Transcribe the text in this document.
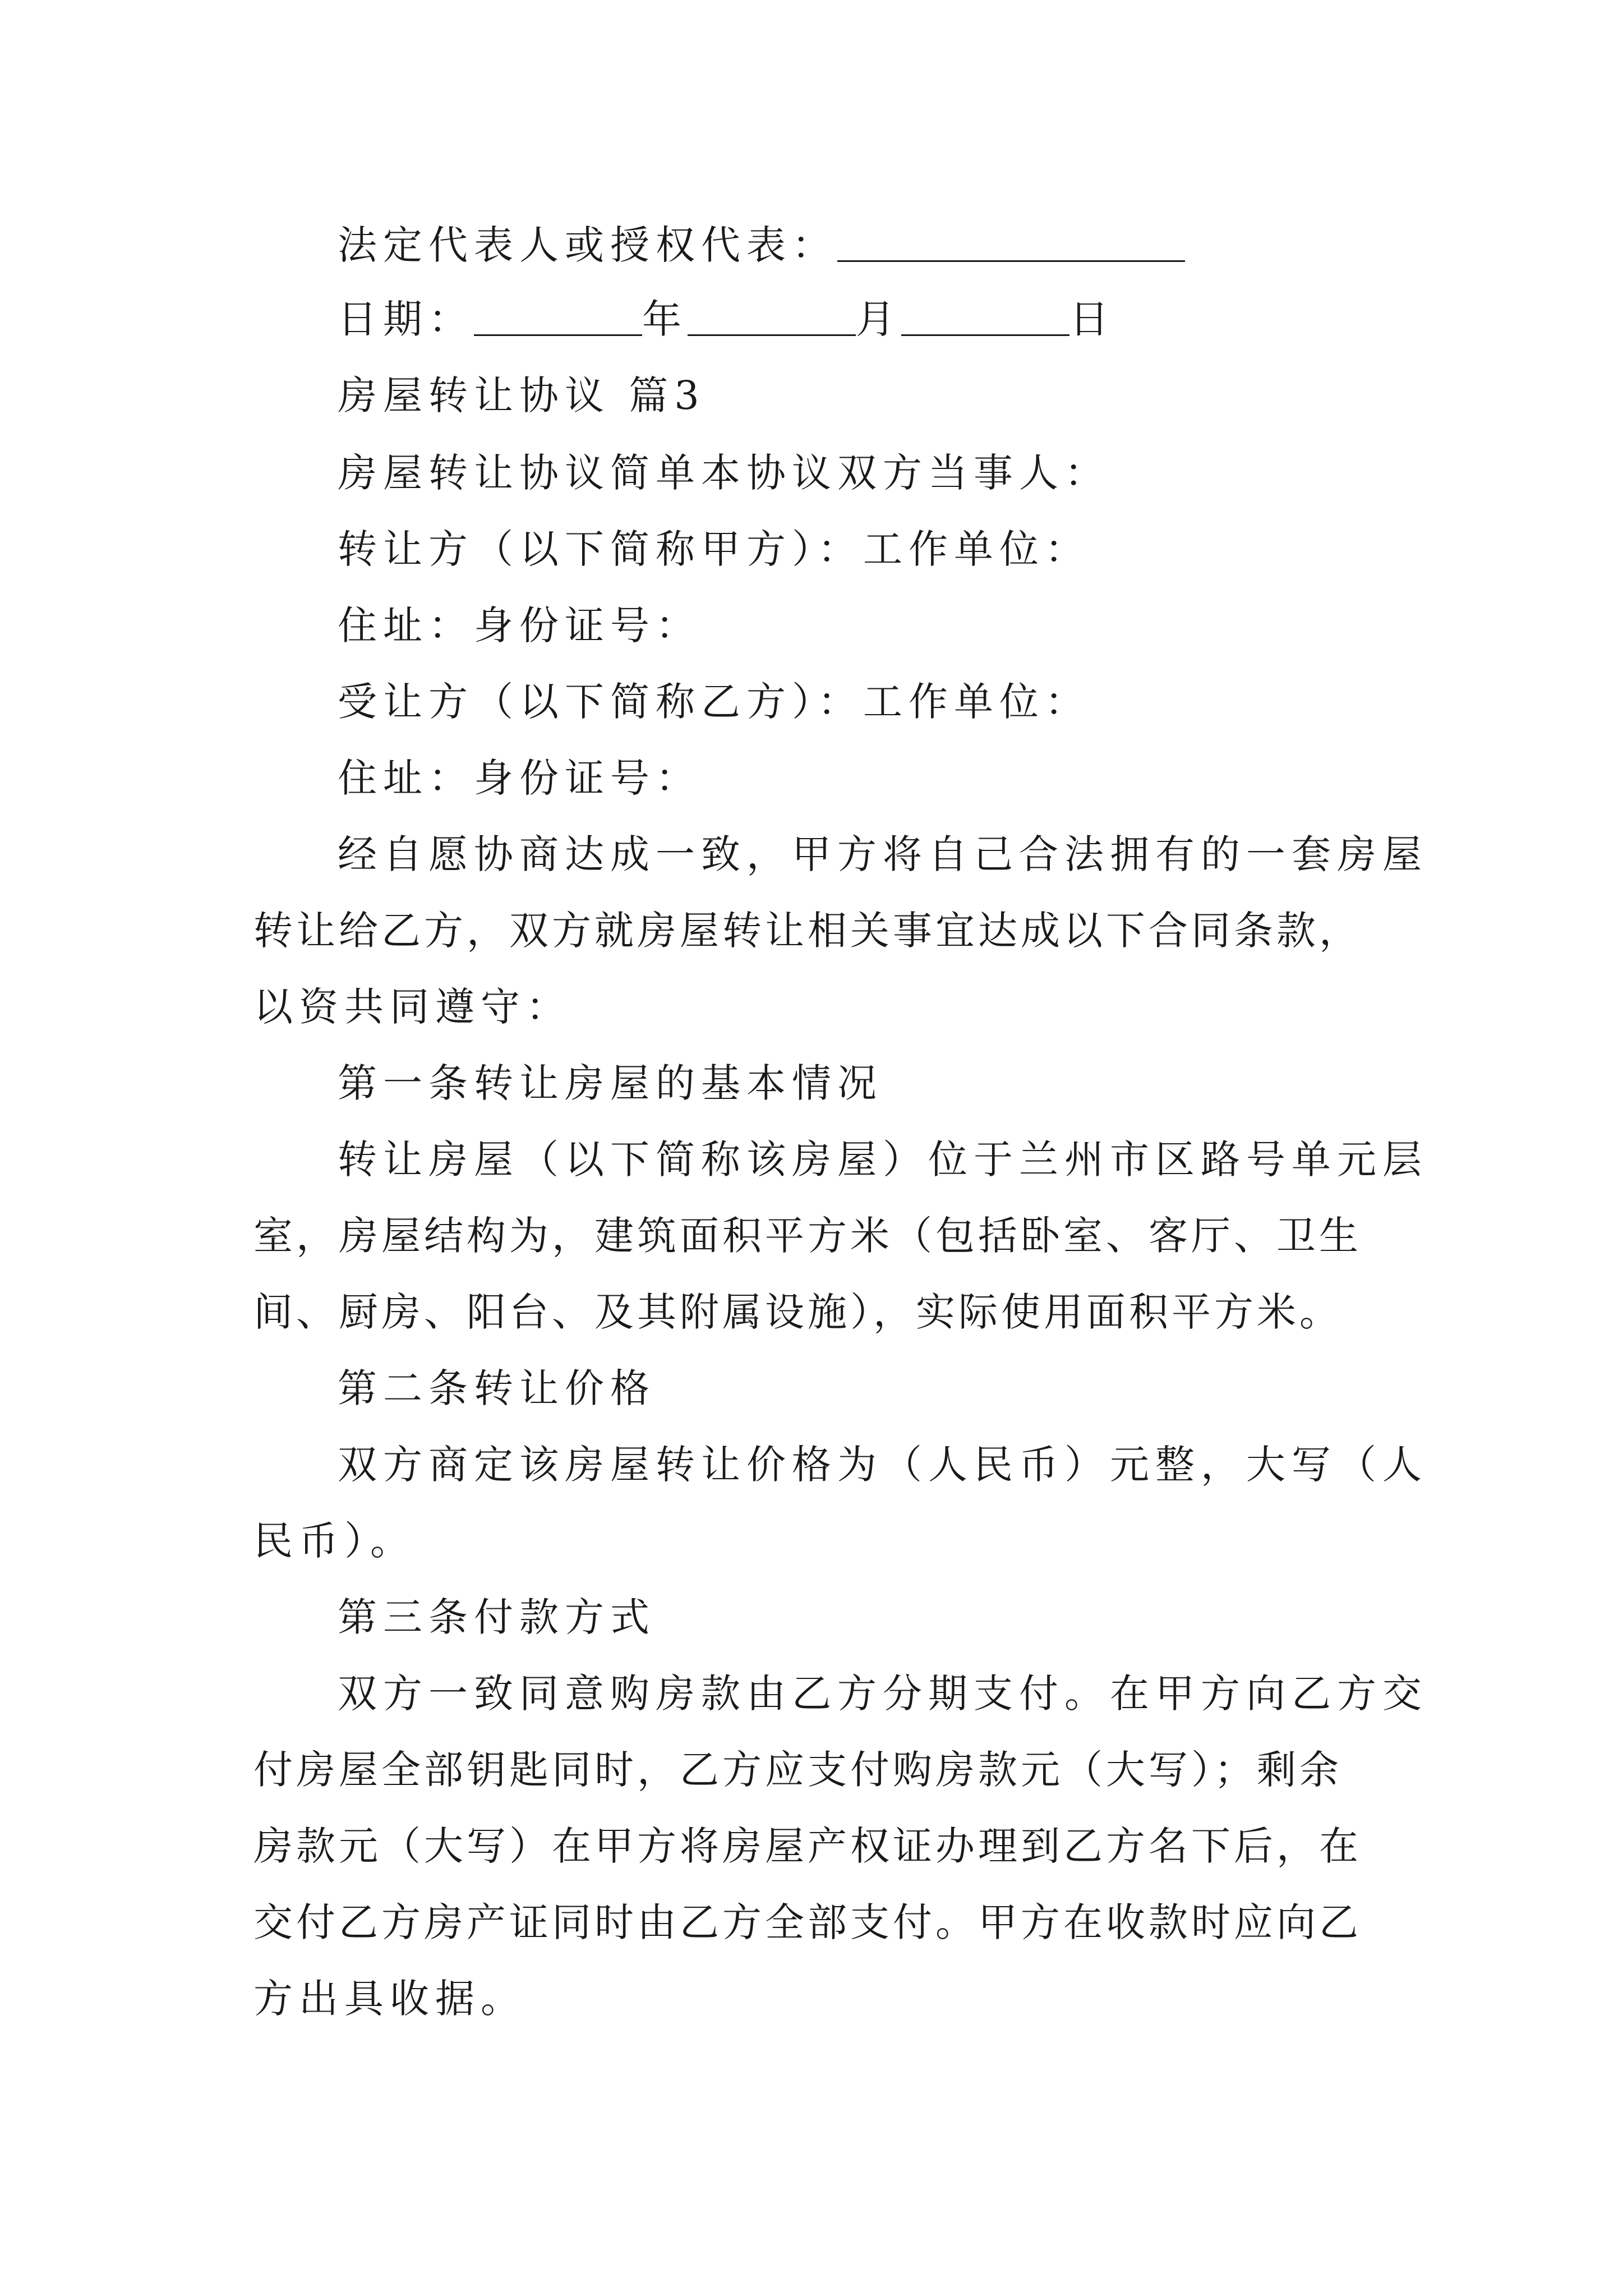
法定代表人或授权代表：
日期：	年	月	日
房屋转让协议 篇3
房屋转让协议简单本协议双方当事人：
转让方（以下简称甲方）：工作单位：
住址：身份证号：
受让方（以下简称乙方）：工作单位：
住址：身份证号：
经自愿协商达成一致，甲方将自己合法拥有的一套房屋
转让给乙方，双方就房屋转让相关事宜达成以下合同条款，
以资共同遵守：
第一条转让房屋的基本情况
转让房屋（以下简称该房屋）位于兰州市区路号单元层
室，房屋结构为，建筑面积平方米（包括卧室、客厅、卫生
间、厨房、阳台、及其附属设施），实际使用面积平方米。
第二条转让价格
双方商定该房屋转让价格为（人民币）元整，大写（人
民币）。
第三条付款方式
双方一致同意购房款由乙方分期支付。在甲方向乙方交
付房屋全部钥匙同时，乙方应支付购房款元（大写）；剩余
房款元（大写）在甲方将房屋产权证办理到乙方名下后，在
交付乙方房产证同时由乙方全部支付。甲方在收款时应向乙
方出具收据。
